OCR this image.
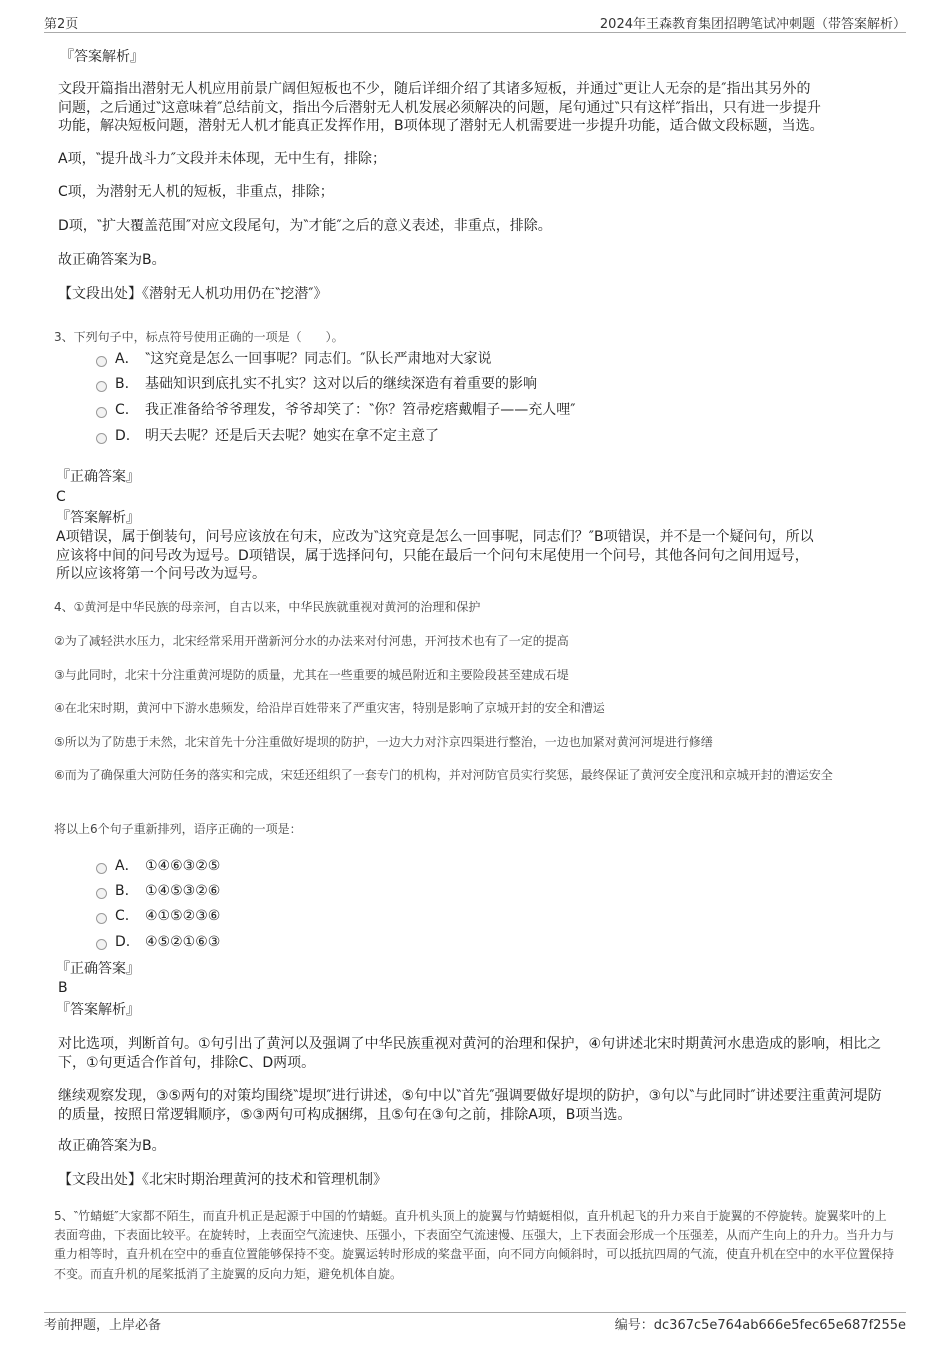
第2页	2024年王森教育集团招聘笔试冲刺题（带答案解析）
『答案解析』
文段开篇指出潜射无人机应用前景广阔但短板也不少，随后详细介绍了其诸多短板，并通过‶更让人无奈的是″指出其另外的
问题，之后通过‶这意味着″总结前文，指出今后潜射无人机发展必须解决的问题，尾句通过‶只有这样″指出，只有进一步提升
功能，解决短板问题，潜射无人机才能真正发挥作用，B项体现了潜射无人机需要进一步提升功能，适合做文段标题，当选。
A项，‶提升战斗力″文段并未体现，无中生有，排除；
C项，为潜射无人机的短板，非重点，排除；
D项，‶扩大覆盖范围″对应文段尾句，为‶才能″之后的意义表述，非重点，排除。
故正确答案为B。
【文段出处】《潜射无人机功用仍在‶挖潜″》
3、下列句子中，标点符号使用正确的一项是（　　）。
A． ‶这究竟是怎么一回事呢？同志们。″队长严肃地对大家说
B.	基础知识到底扎实不扎实？这对以后的继续深造有着重要的影响
C.	我正准备给爷爷理发，爷爷却笑了：‶你？笤帚疙瘩戴帽子——充人哩″
D.	明天去呢？还是后天去呢？她实在拿不定主意了
『正确答案』
C
『答案解析』
A项错误，属于倒装句，问号应该放在句末，应改为‶这究竟是怎么一回事呢，同志们？″B项错误，并不是一个疑问句，所以
应该将中间的问号改为逗号。D项错误，属于选择问句，只能在最后一个问句末尾使用一个问号，其他各问句之间用逗号，
所以应该将第一个问号改为逗号。
4、①黄河是中华民族的母亲河，自古以来，中华民族就重视对黄河的治理和保护
②为了减轻洪水压力，北宋经常采用开凿新河分水的办法来对付河患，开河技术也有了一定的提高
③与此同时，北宋十分注重黄河堤防的质量，尤其在一些重要的城邑附近和主要险段甚至建成石堤
④在北宋时期，黄河中下游水患频发，给沿岸百姓带来了严重灾害，特别是影响了京城开封的安全和漕运
⑤所以为了防患于未然，北宋首先十分注重做好堤坝的防护，一边大力对汴京四渠进行整治，一边也加紧对黄河河堤进行修缮
⑥而为了确保重大河防任务的落实和完成，宋廷还组织了一套专门的机构，并对河防官员实行奖惩，最终保证了黄河安全度汛和京城开封的漕运安全
将以上6个句子重新排列，语序正确的一项是：
A． ①④⑥③②⑤
B.	①④⑤③②⑥
C.	④①⑤②③⑥
D.	④⑤②①⑥③
『正确答案』
B
『答案解析』
对比选项，判断首句。①句引出了黄河以及强调了中华民族重视对黄河的治理和保护，④句讲述北宋时期黄河水患造成的影响，相比之下，①句更适合作首句，排除C、D两项。
继续观察发现，③⑤两句的对策均围绕‶堤坝″进行讲述，⑤句中以‶首先″强调要做好堤坝的防护，③句以‶与此同时″讲述要注重黄河堤防的质量，按照日常逻辑顺序，⑤③两句可构成捆绑，且⑤句在③句之前，排除A项，B项当选。
故正确答案为B。
【文段出处】《北宋时期治理黄河的技术和管理机制》
5、‶竹蜻蜓″大家都不陌生，而直升机正是起源于中国的竹蜻蜓。直升机头顶上的旋翼与竹蜻蜓相似，直升机起飞的升力来自于旋翼的不停旋转。旋翼桨叶的上表面弯曲，下表面比较平。在旋转时，上表面空气流速快、压强小，下表面空气流速慢、压强大，上下表面会形成一个压强差，从而产生向上的升力。当升力与重力相等时，直升机在空中的垂直位置能够保持不变。旋翼运转时形成的桨盘平面，向不同方向倾斜时，可以抵抗四周的气流，使直升机在空中的水平位置保持不变。而直升机的尾桨抵消了主旋翼的反向力矩，避免机体自旋。
考前押题，上岸必备	编号：dc367c5e764ab666e5fec65e687f255e
